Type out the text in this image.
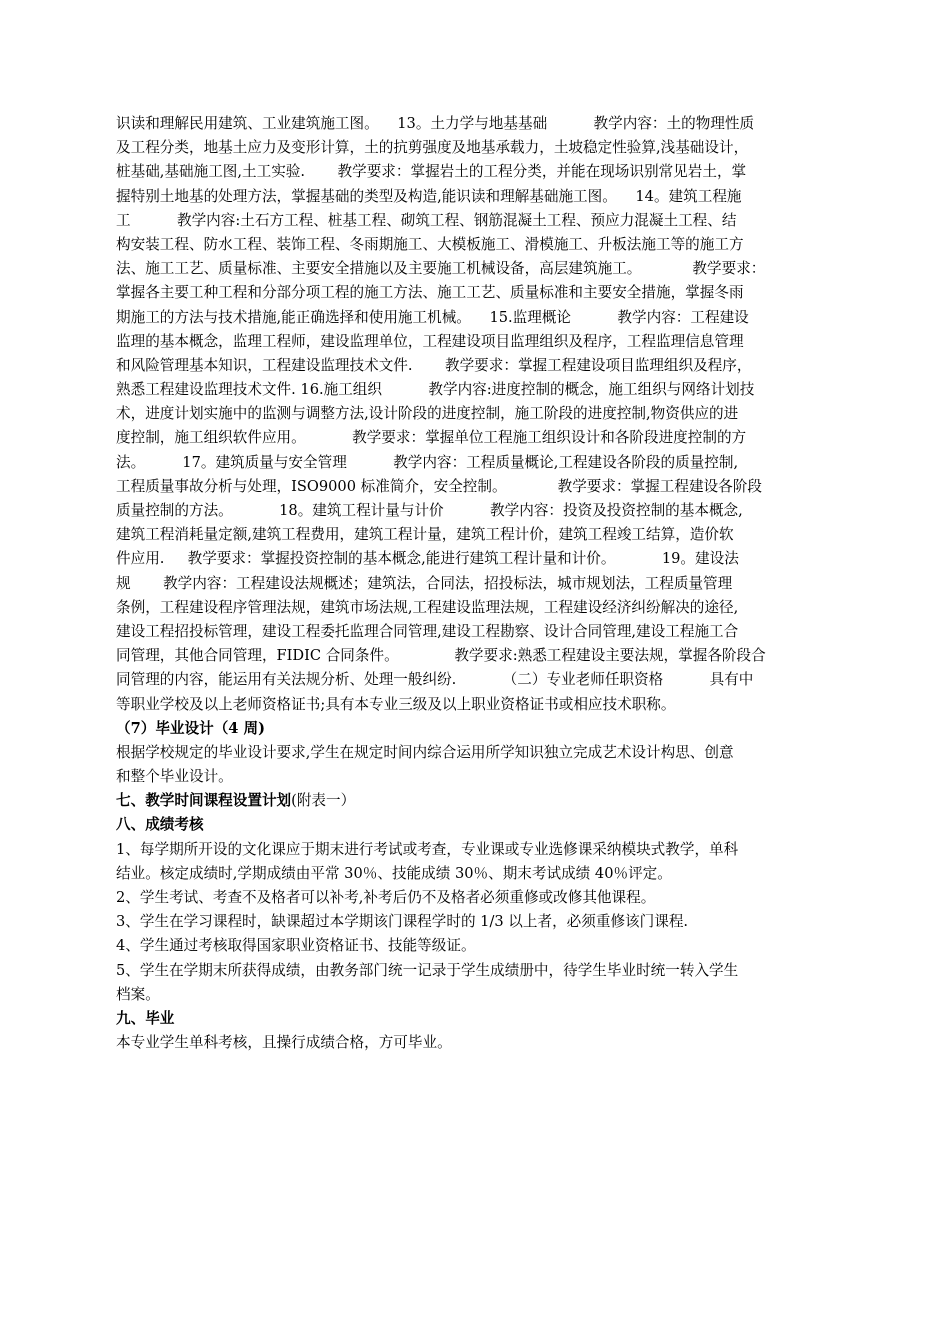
识读和理解民用建筑、工业建筑施工图。    13。土力学与地基基础          教学内容：土的物理性质
及工程分类，地基土应力及变形计算，土的抗剪强度及地基承载力，土坡稳定性验算,浅基础设计，
桩基础,基础施工图,土工实验.       教学要求：掌握岩土的工程分类，并能在现场识别常见岩土，掌
握特别土地基的处理方法，掌握基础的类型及构造,能识读和理解基础施工图。    14。建筑工程施
工          教学内容:土石方工程、桩基工程、砌筑工程、钢筋混凝土工程、预应力混凝土工程、结
构安装工程、防水工程、装饰工程、冬雨期施工、大模板施工、滑模施工、升板法施工等的施工方
法、施工工艺、质量标准、主要安全措施以及主要施工机械设备，高层建筑施工。           教学要求：
掌握各主要工种工程和分部分项工程的施工方法、施工工艺、质量标准和主要安全措施，掌握冬雨
期施工的方法与技术措施,能正确选择和使用施工机械。    15.监理概论          教学内容：工程建设
监理的基本概念，监理工程师，建设监理单位，工程建设项目监理组织及程序，工程监理信息管理
和风险管理基本知识，工程建设监理技术文件.       教学要求：掌握工程建设项目监理组织及程序，
熟悉工程建设监理技术文件. 16.施工组织          教学内容:进度控制的概念，施工组织与网络计划技
术，进度计划实施中的监测与调整方法,设计阶段的进度控制，施工阶段的进度控制,物资供应的进
度控制，施工组织软件应用。          教学要求：掌握单位工程施工组织设计和各阶段进度控制的方
法。        17。建筑质量与安全管理          教学内容：工程质量概论,工程建设各阶段的质量控制,
工程质量事故分析与处理，ISO9000 标准简介，安全控制。           教学要求：掌握工程建设各阶段
质量控制的方法。          18。建筑工程计量与计价          教学内容：投资及投资控制的基本概念,
建筑工程消耗量定额,建筑工程费用，建筑工程计量，建筑工程计价，建筑工程竣工结算，造价软
件应用.     教学要求：掌握投资控制的基本概念,能进行建筑工程计量和计价。          19。建设法
规       教学内容：工程建设法规概述；建筑法，合同法，招投标法，城市规划法，工程质量管理
条例，工程建设程序管理法规，建筑市场法规,工程建设监理法规，工程建设经济纠纷解决的途径,
建设工程招投标管理，建设工程委托监理合同管理,建设工程勘察、设计合同管理,建设工程施工合
同管理，其他合同管理，FIDIC 合同条件。            教学要求:熟悉工程建设主要法规，掌握各阶段合
同管理的内容，能运用有关法规分析、处理一般纠纷.          （二）专业老师任职资格          具有中
等职业学校及以上老师资格证书;具有本专业三级及以上职业资格证书或相应技术职称。
（7）毕业设计（4 周)
根据学校规定的毕业设计要求,学生在规定时间内综合运用所学知识独立完成艺术设计构思、创意
和整个毕业设计。
七、教学时间课程设置计划(附表一）
八、成绩考核
1、每学期所开设的文化课应于期末进行考试或考查，专业课或专业选修课采纳模块式教学，单科
结业。核定成绩时,学期成绩由平常 30％、技能成绩 30％、期末考试成绩 40％评定。
2、学生考试、考查不及格者可以补考,补考后仍不及格者必须重修或改修其他课程。
3、学生在学习课程时，缺课超过本学期该门课程学时的 1/3 以上者，必须重修该门课程.
4、学生通过考核取得国家职业资格证书、技能等级证。
5、学生在学期末所获得成绩，由教务部门统一记录于学生成绩册中，待学生毕业时统一转入学生
档案。
九、毕业
本专业学生单科考核，且操行成绩合格，方可毕业。
